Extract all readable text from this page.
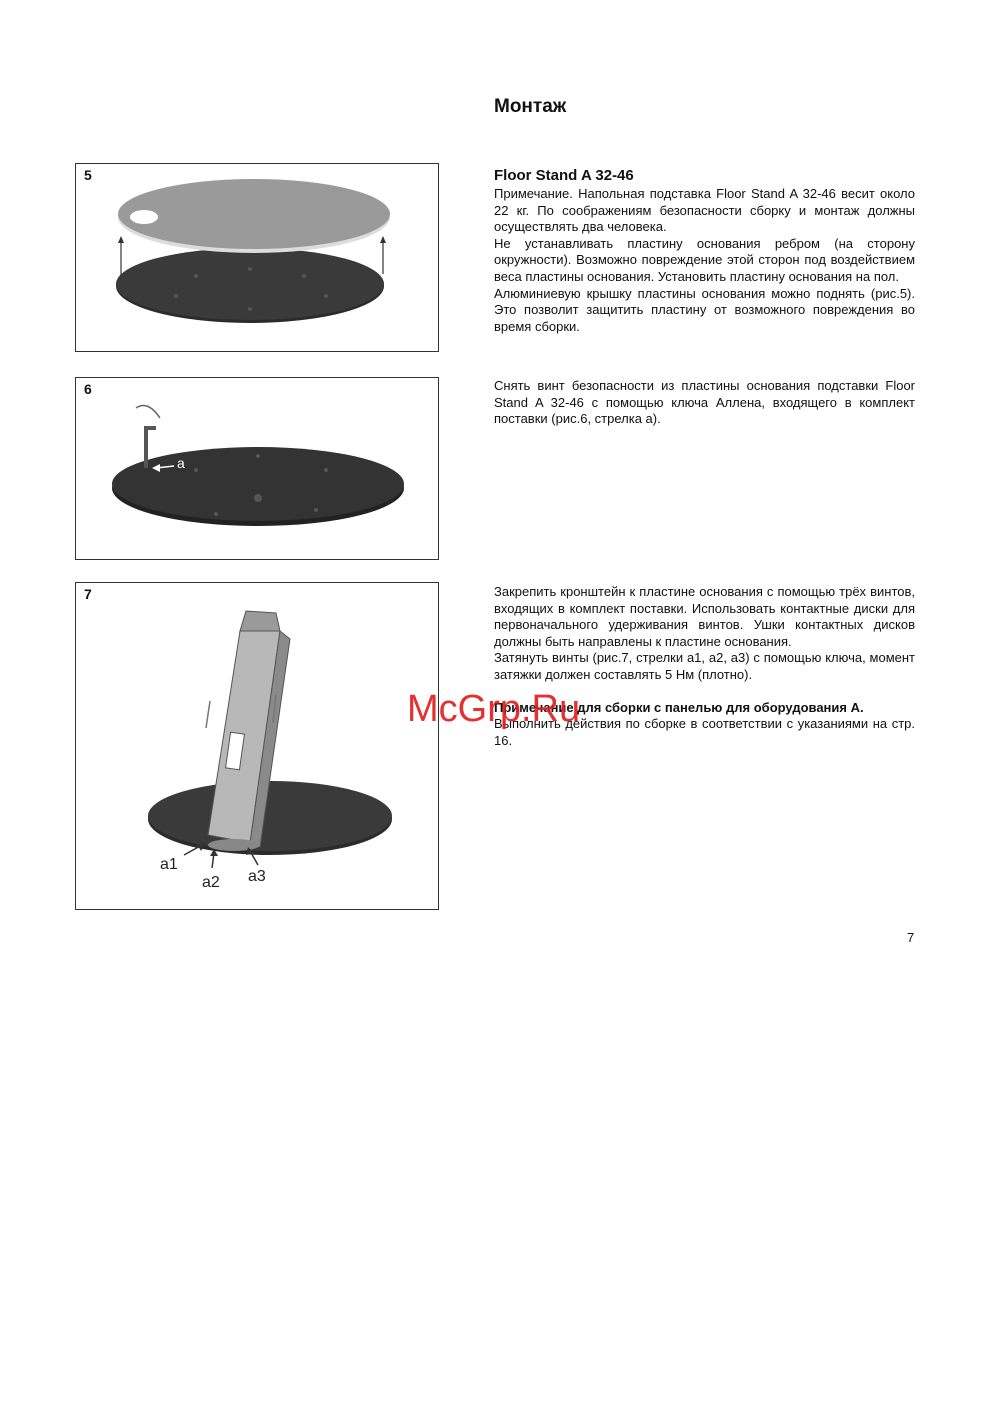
Монтаж
5
6
a
7
a1
a2 a3
Floor Stand A 32-46

Примечание. Напольная подставка Floor Stand A 32-46 весит около 22 кг. По соображениям безопасности сборку и монтаж должны осуществлять два человека.

Не устанавливать пластину основания ребром (на сторону окружности). Возможно повреждение этой сторон под воздействием веса пластины основания. Установить пластину основания на пол.

Алюминиевую крышку пластины основания можно поднять (рис.5). Это позволит защитить пластину от возможного повреждения во время сборки.

Снять винт безопасности из пластины основания подставки Floor Stand A 32-46 с помощью ключа Аллена, входящего в комплект поставки (рис.6, стрелка а).

Закрепить кронштейн к пластине основания с помощью трёх винтов, входящих в комплект поставки. Использовать контактные диски для первоначального удерживания винтов. Ушки контактных дисков должны быть направлены к пластине основания.

Затянуть винты (рис.7, стрелки а1, а2, а3) с помощью ключа, момент затяжки должен составлять 5 Нм (плотно).

Примечание для сборки с панелью для оборудования А.

Выполнить действия по сборке в соответствии с указаниями на стр. 16.

McGrp.Ru
7
